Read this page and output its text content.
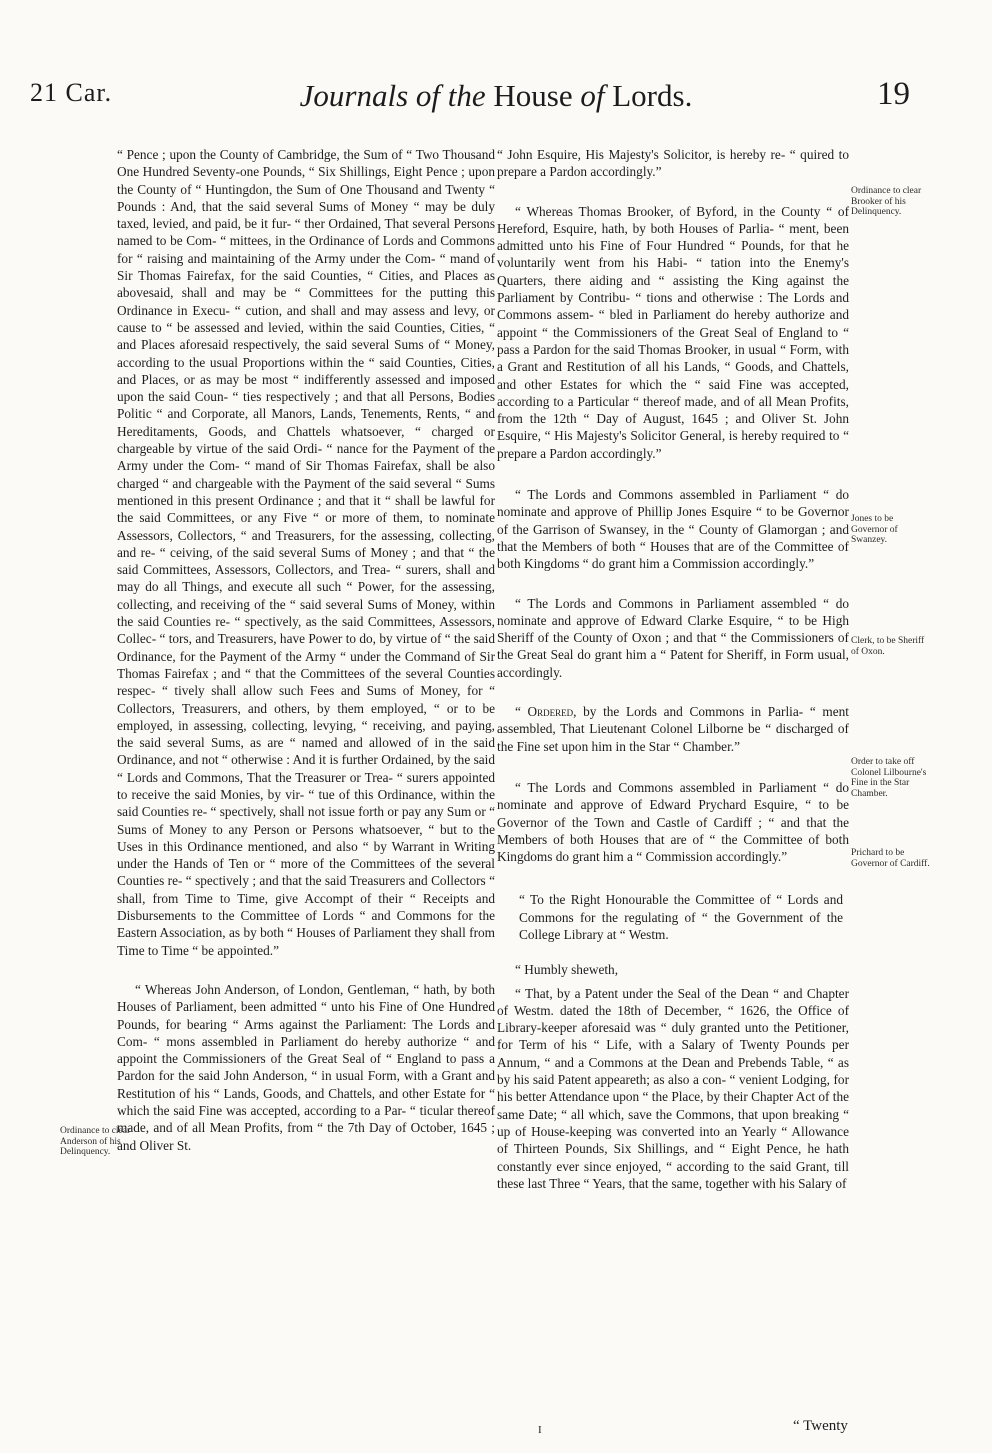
21 Car.	Journals of the House of Lords.	19

“ Pence ; upon the County of Cambridge, the Sum of “ Two Thousand One Hundred Seventy-one Pounds, “ Six Shillings, Eight Pence ; upon the County of “ Huntingdon, the Sum of One Thousand and Twenty “ Pounds : And, that the said several Sums of Money “ may be duly taxed, levied, and paid, be it fur- “ ther Ordained, That several Persons named to be Com- “ mittees, in the Ordinance of Lords and Commons for “ raising and maintaining of the Army under the Com- “ mand of Sir Thomas Fairefax, for the said Counties, “ Cities, and Places as abovesaid, shall and may be “ Committees for the putting this Ordinance in Execu- “ cution, and shall and may assess and levy, or cause to “ be assessed and levied, within the said Counties, Cities, “ and Places aforesaid respectively, the said several Sums of “ Money, according to the usual Proportions within the “ said Counties, Cities, and Places, or as may be most “ indifferently assessed and imposed upon the said Coun- “ ties respectively ; and that all Persons, Bodies Politic “ and Corporate, all Manors, Lands, Tenements, Rents, “ and Hereditaments, Goods, and Chattels whatsoever, “ charged or chargeable by virtue of the said Ordi- “ nance for the Payment of the Army under the Com- “ mand of Sir Thomas Fairefax, shall be also charged “ and chargeable with the Payment of the said several “ Sums mentioned in this present Ordinance ; and that it “ shall be lawful for the said Committees, or any Five “ or more of them, to nominate Assessors, Collectors, “ and Treasurers, for the assessing, collecting, and re- “ ceiving, of the said several Sums of Money ; and that “ the said Committees, Assessors, Collectors, and Trea- “ surers, shall and may do all Things, and execute all such “ Power, for the assessing, collecting, and receiving of the “ said several Sums of Money, within the said Counties re- “ spectively, as the said Committees, Assessors, Collec- “ tors, and Treasurers, have Power to do, by virtue of “ the said Ordinance, for the Payment of the Army “ under the Command of Sir Thomas Fairefax ; and “ that the Committees of the several Counties respec- “ tively shall allow such Fees and Sums of Money, for “ Collectors, Treasurers, and others, by them employed, “ or to be employed, in assessing, collecting, levying, “ receiving, and paying, the said several Sums, as are “ named and allowed of in the said Ordinance, and not “ otherwise : And it is further Ordained, by the said “ Lords and Commons, That the Treasurer or Trea- “ surers appointed to receive the said Monies, by vir- “ tue of this Ordinance, within the said Counties re- “ spectively, shall not issue forth or pay any Sum or “ Sums of Money to any Person or Persons whatsoever, “ but to the Uses in this Ordinance mentioned, and also “ by Warrant in Writing under the Hands of Ten or “ more of the Committees of the several Counties re- “ spectively ; and that the said Treasurers and Collectors “ shall, from Time to Time, give Accompt of their “ Receipts and Disbursements to the Committee of Lords “ and Commons for the Eastern Association, as by both “ Houses of Parliament they shall from Time to Time “ be appointed.”

“ Whereas John Anderson, of London, Gentleman, “ hath, by both Houses of Parliament, been admitted “ unto his Fine of One Hundred Pounds, for bearing “ Arms against the Parliament: The Lords and Com- “ mons assembled in Parliament do hereby authorize “ and appoint the Commissioners of the Great Seal of “ England to pass a Pardon for the said John Anderson, “ in usual Form, with a Grant and Restitution of his “ Lands, Goods, and Chattels, and other Estate for “ which the said Fine was accepted, according to a Par- “ ticular thereof made, and of all Mean Profits, from “ the 7th Day of October, 1645 ; and Oliver St.

“ John Esquire, His Majesty's Solicitor, is hereby re- “ quired to prepare a Pardon accordingly.”

“ Whereas Thomas Brooker, of Byford, in the County “ of Hereford, Esquire, hath, by both Houses of Parlia- “ ment, been admitted unto his Fine of Four Hundred “ Pounds, for that he voluntarily went from his Habi- “ tation into the Enemy's Quarters, there aiding and “ assisting the King against the Parliament by Contribu- “ tions and otherwise : The Lords and Commons assem- “ bled in Parliament do hereby authorize and appoint “ the Commissioners of the Great Seal of England to “ pass a Pardon for the said Thomas Brooker, in usual “ Form, with a Grant and Restitution of all his Lands, “ Goods, and Chattels, and other Estates for which the “ said Fine was accepted, according to a Particular “ thereof made, and of all Mean Profits, from the 12th “ Day of August, 1645 ; and Oliver St. John Esquire, “ His Majesty's Solicitor General, is hereby required to “ prepare a Pardon accordingly.”

“ The Lords and Commons assembled in Parliament “ do nominate and approve of Phillip Jones Esquire “ to be Governor of the Garrison of Swansey, in the “ County of Glamorgan ; and that the Members of both “ Houses that are of the Committee of both Kingdoms “ do grant him a Commission accordingly.”

“ The Lords and Commons in Parliament assembled “ do nominate and approve of Edward Clarke Esquire, “ to be High Sheriff of the County of Oxon ; and that “ the Commissioners of the Great Seal do grant him a “ Patent for Sheriff, in Form usual, accordingly.

“ Ordered, by the Lords and Commons in Parlia- “ ment assembled, That Lieutenant Colonel Lilborne be “ discharged of the Fine set upon him in the Star “ Chamber.”

“ The Lords and Commons assembled in Parliament “ do nominate and approve of Edward Prychard Esquire, “ to be Governor of the Town and Castle of Cardiff ; “ and that the Members of both Houses that are of “ the Committee of both Kingdoms do grant him a “ Commission accordingly.”

“ To the Right Honourable the Committee of “ Lords and Commons for the regulating of “ the Government of the College Library at “ Westm.

“ Humbly sheweth,

“ That, by a Patent under the Seal of the Dean “ and Chapter of Westm. dated the 18th of December, “ 1626, the Office of Library-keeper aforesaid was “ duly granted unto the Petitioner, for Term of his “ Life, with a Salary of Twenty Pounds per Annum, “ and a Commons at the Dean and Prebends Table, “ as by his said Patent appeareth; as also a con- “ venient Lodging, for his better Attendance upon “ the Place, by their Chapter Act of the same Date; “ all which, save the Commons, that upon breaking “ up of House-keeping was converted into an Yearly “ Allowance of Thirteen Pounds, Six Shillings, and “ Eight Pence, he hath constantly ever since enjoyed, “ according to the said Grant, till these last Three “ Years, that the same, together with his Salary of

Ordinance to clear Anderson of his Delinquency.
Ordinance to clear Brooker of his Delinquency.
Jones to be Governor of Swanzey.
Clerk, to be Sheriff of Oxon.
Order to take off Colonel Lilbourne's Fine in the Star Chamber.
Prichard to be Governor of Cardiff.
I	“ Twenty
